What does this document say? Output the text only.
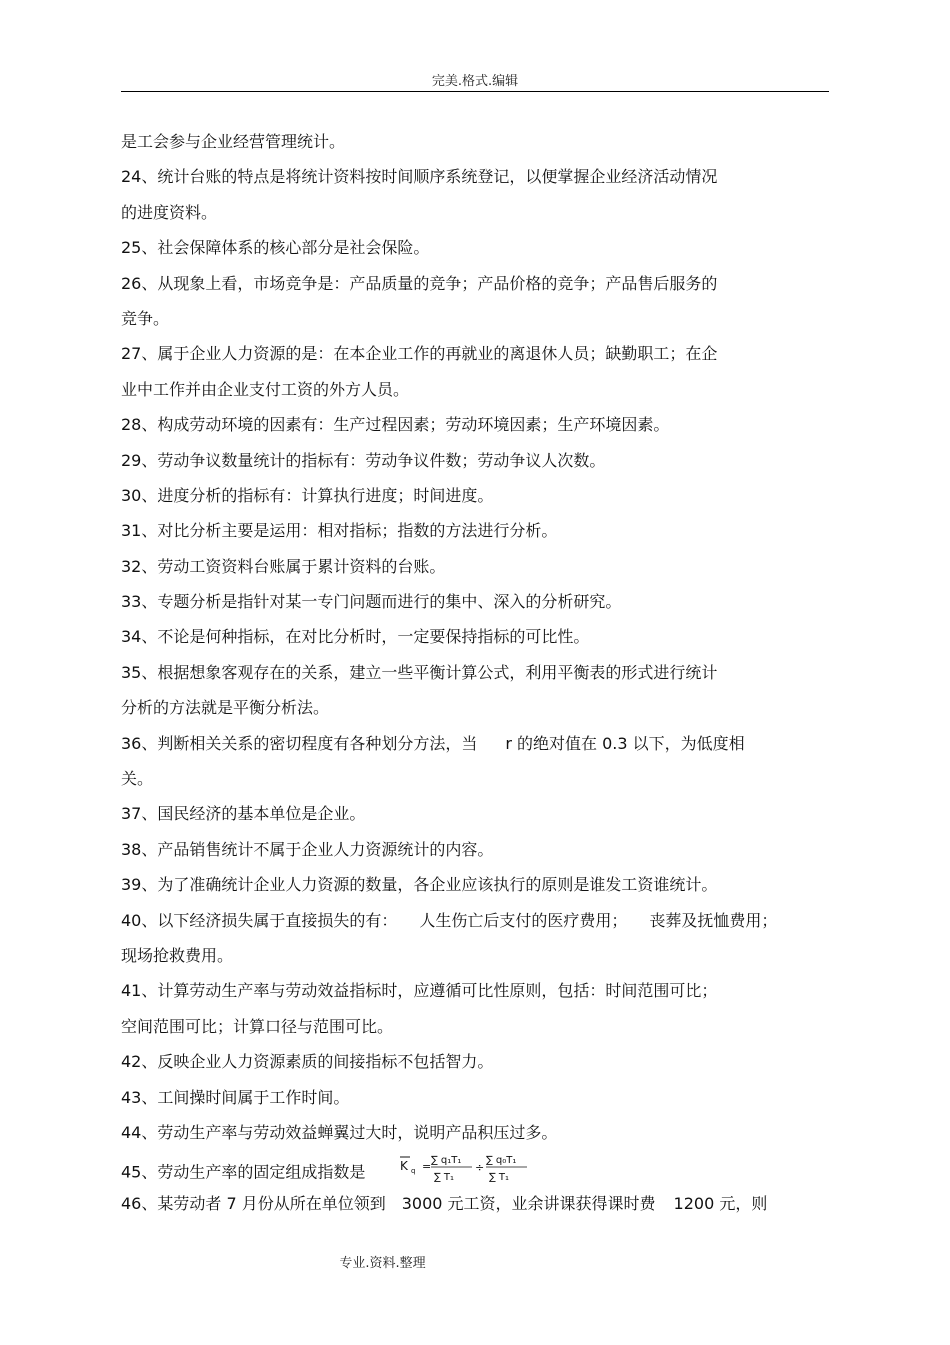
完美.格式.编辑
是工会参与企业经营管理统计。
24、统计台账的特点是将统计资料按时间顺序系统登记，以便掌握企业经济活动情况
的进度资料。
25、社会保障体系的核心部分是社会保险。
26、从现象上看，市场竞争是：产品质量的竞争；产品价格的竞争；产品售后服务的
竞争。
27、属于企业人力资源的是：在本企业工作的再就业的离退休人员；缺勤职工；在企
业中工作并由企业支付工资的外方人员。
28、构成劳动环境的因素有：生产过程因素；劳动环境因素；生产环境因素。
29、劳动争议数量统计的指标有：劳动争议件数；劳动争议人次数。
30、进度分析的指标有：计算执行进度；时间进度。
31、对比分析主要是运用：相对指标；指数的方法进行分析。
32、劳动工资资料台账属于累计资料的台账。
33、专题分析是指针对某一专门问题而进行的集中、深入的分析研究。
34、不论是何种指标，在对比分析时，一定要保持指标的可比性。
35、根据想象客观存在的关系，建立一些平衡计算公式，利用平衡表的形式进行统计
分析的方法就是平衡分析法。
36、判断相关关系的密切程度有各种划分方法，当 r 的绝对值在 0.3 以下，为低度相
关。
37、国民经济的基本单位是企业。
38、产品销售统计不属于企业人力资源统计的内容。
39、为了准确统计企业人力资源的数量，各企业应该执行的原则是谁发工资谁统计。
40、以下经济损失属于直接损失的有： 人生伤亡后支付的医疗费用； 丧葬及抚恤费用；
现场抢救费用。
41、计算劳动生产率与劳动效益指标时，应遵循可比性原则，包括：时间范围可比；
空间范围可比；计算口径与范围可比。
42、反映企业人力资源素质的间接指标不包括智力。
43、工间操时间属于工作时间。
44、劳动生产率与劳动效益蝉翼过大时，说明产品积压过多。
45、劳动生产率的固定组成指数是	K q = ∑ q₁T₁
∑ T₁
÷
∑ q₀T₁
∑ T₁
46、某劳动者 7 月份从所在单位领到 3000 元工资，业余讲课获得课时费 1200 元，则
专业.资料.整理
